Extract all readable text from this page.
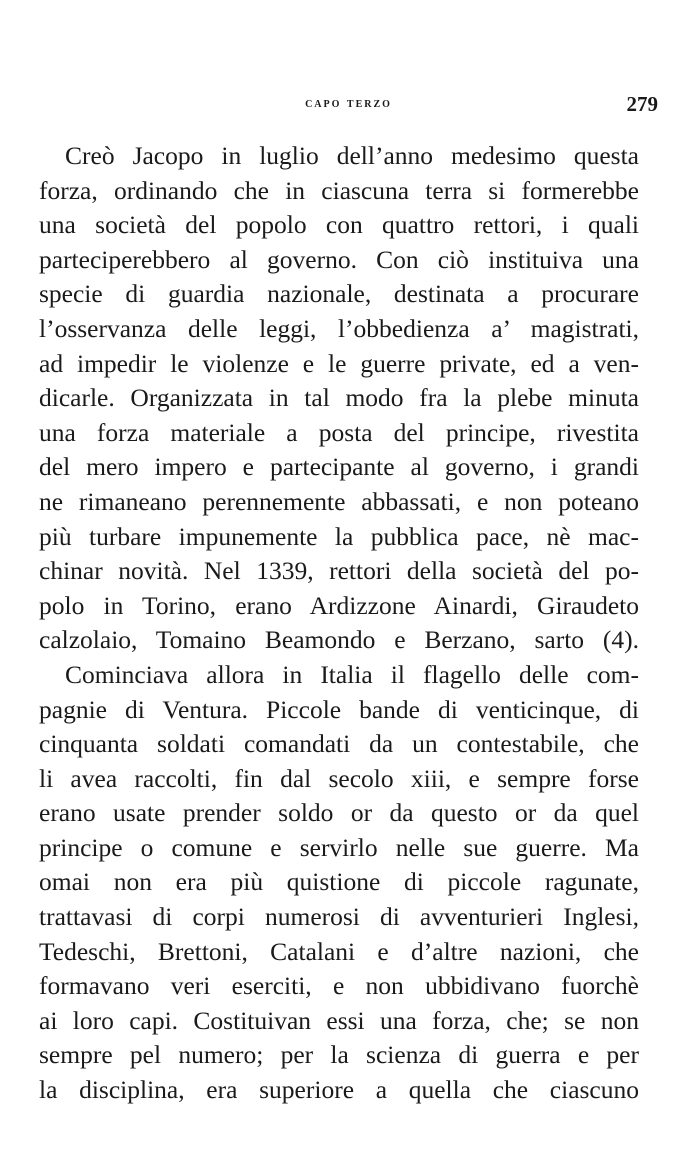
capo terzo	279
Creò Jacopo in luglio dell’anno medesimo questa
forza, ordinando che in ciascuna terra si formerebbe
una società del popolo con quattro rettori, i quali
parteciperebbero al governo. Con ciò instituiva una
specie di guardia nazionale, destinata a procurare
l’osservanza delle leggi, l’obbedienza a’ magistrati,
ad impedir le violenze e le guerre private, ed a ven-
dicarle. Organizzata in tal modo fra la plebe minuta
una forza materiale a posta del principe, rivestita
del mero impero e partecipante al governo, i grandi
ne rimaneano perennemente abbassati, e non poteano
più turbare impunemente la pubblica pace, nè mac-
chinar novità. Nel 1339, rettori della società del po-
polo in Torino, erano Ardizzone Ainardi, Giraudeto
calzolaio, Tomaino Beamondo e Berzano, sarto (4).
Cominciava allora in Italia il flagello delle com-
pagnie di Ventura. Piccole bande di venticinque, di
cinquanta soldati comandati da un contestabile, che
li avea raccolti, fin dal secolo xiii, e sempre forse
erano usate prender soldo or da questo or da quel
principe o comune e servirlo nelle sue guerre. Ma
omai non era più quistione di piccole ragunate,
trattavasi di corpi numerosi di avventurieri Inglesi,
Tedeschi, Brettoni, Catalani e d’altre nazioni, che
formavano veri eserciti, e non ubbidivano fuorchè
ai loro capi. Costituivan essi una forza, che; se non
sempre pel numero; per la scienza di guerra e per
la disciplina, era superiore a quella che ciascuno
